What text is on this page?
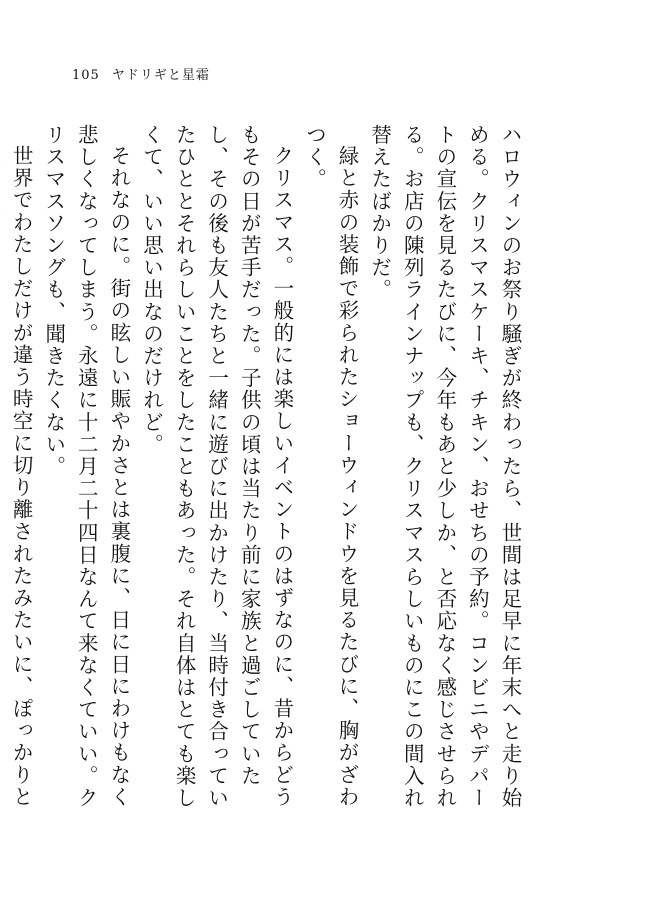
105 ヤドリギと星霜

ハロウィンのお祭り騒ぎが終わったら、世間は足早に年末へと走り始める。クリスマスケーキ、チキン、おせちの予約。コンビニやデパートの宣伝を見るたびに、今年もあと少しか、と否応なく感じさせられる。お店の陳列ラインナップも、クリスマスらしいものにこの間入れ替えたばかりだ。

緑と赤の装飾で彩られたショーウィンドウを見るたびに、胸がざわつく。

クリスマス。一般的には楽しいイベントのはずなのに、昔からどうもその日が苦手だった。子供の頃は当たり前に家族と過ごしていたし、その後も友人たちと一緒に遊びに出かけたり、当時付き合っていたひととそれらしいことをしたこともあった。それ自体はとても楽しくて、いい思い出なのだけれど。

それなのに。街の眩しい賑やかさとは裏腹に、日に日にわけもなく悲しくなってしまう。永遠に十二月二十四日なんて来なくていい。クリスマスソングも、聞きたくない。

世界でわたしだけが違う時空に切り離されたみたいに、ぽっかりと
